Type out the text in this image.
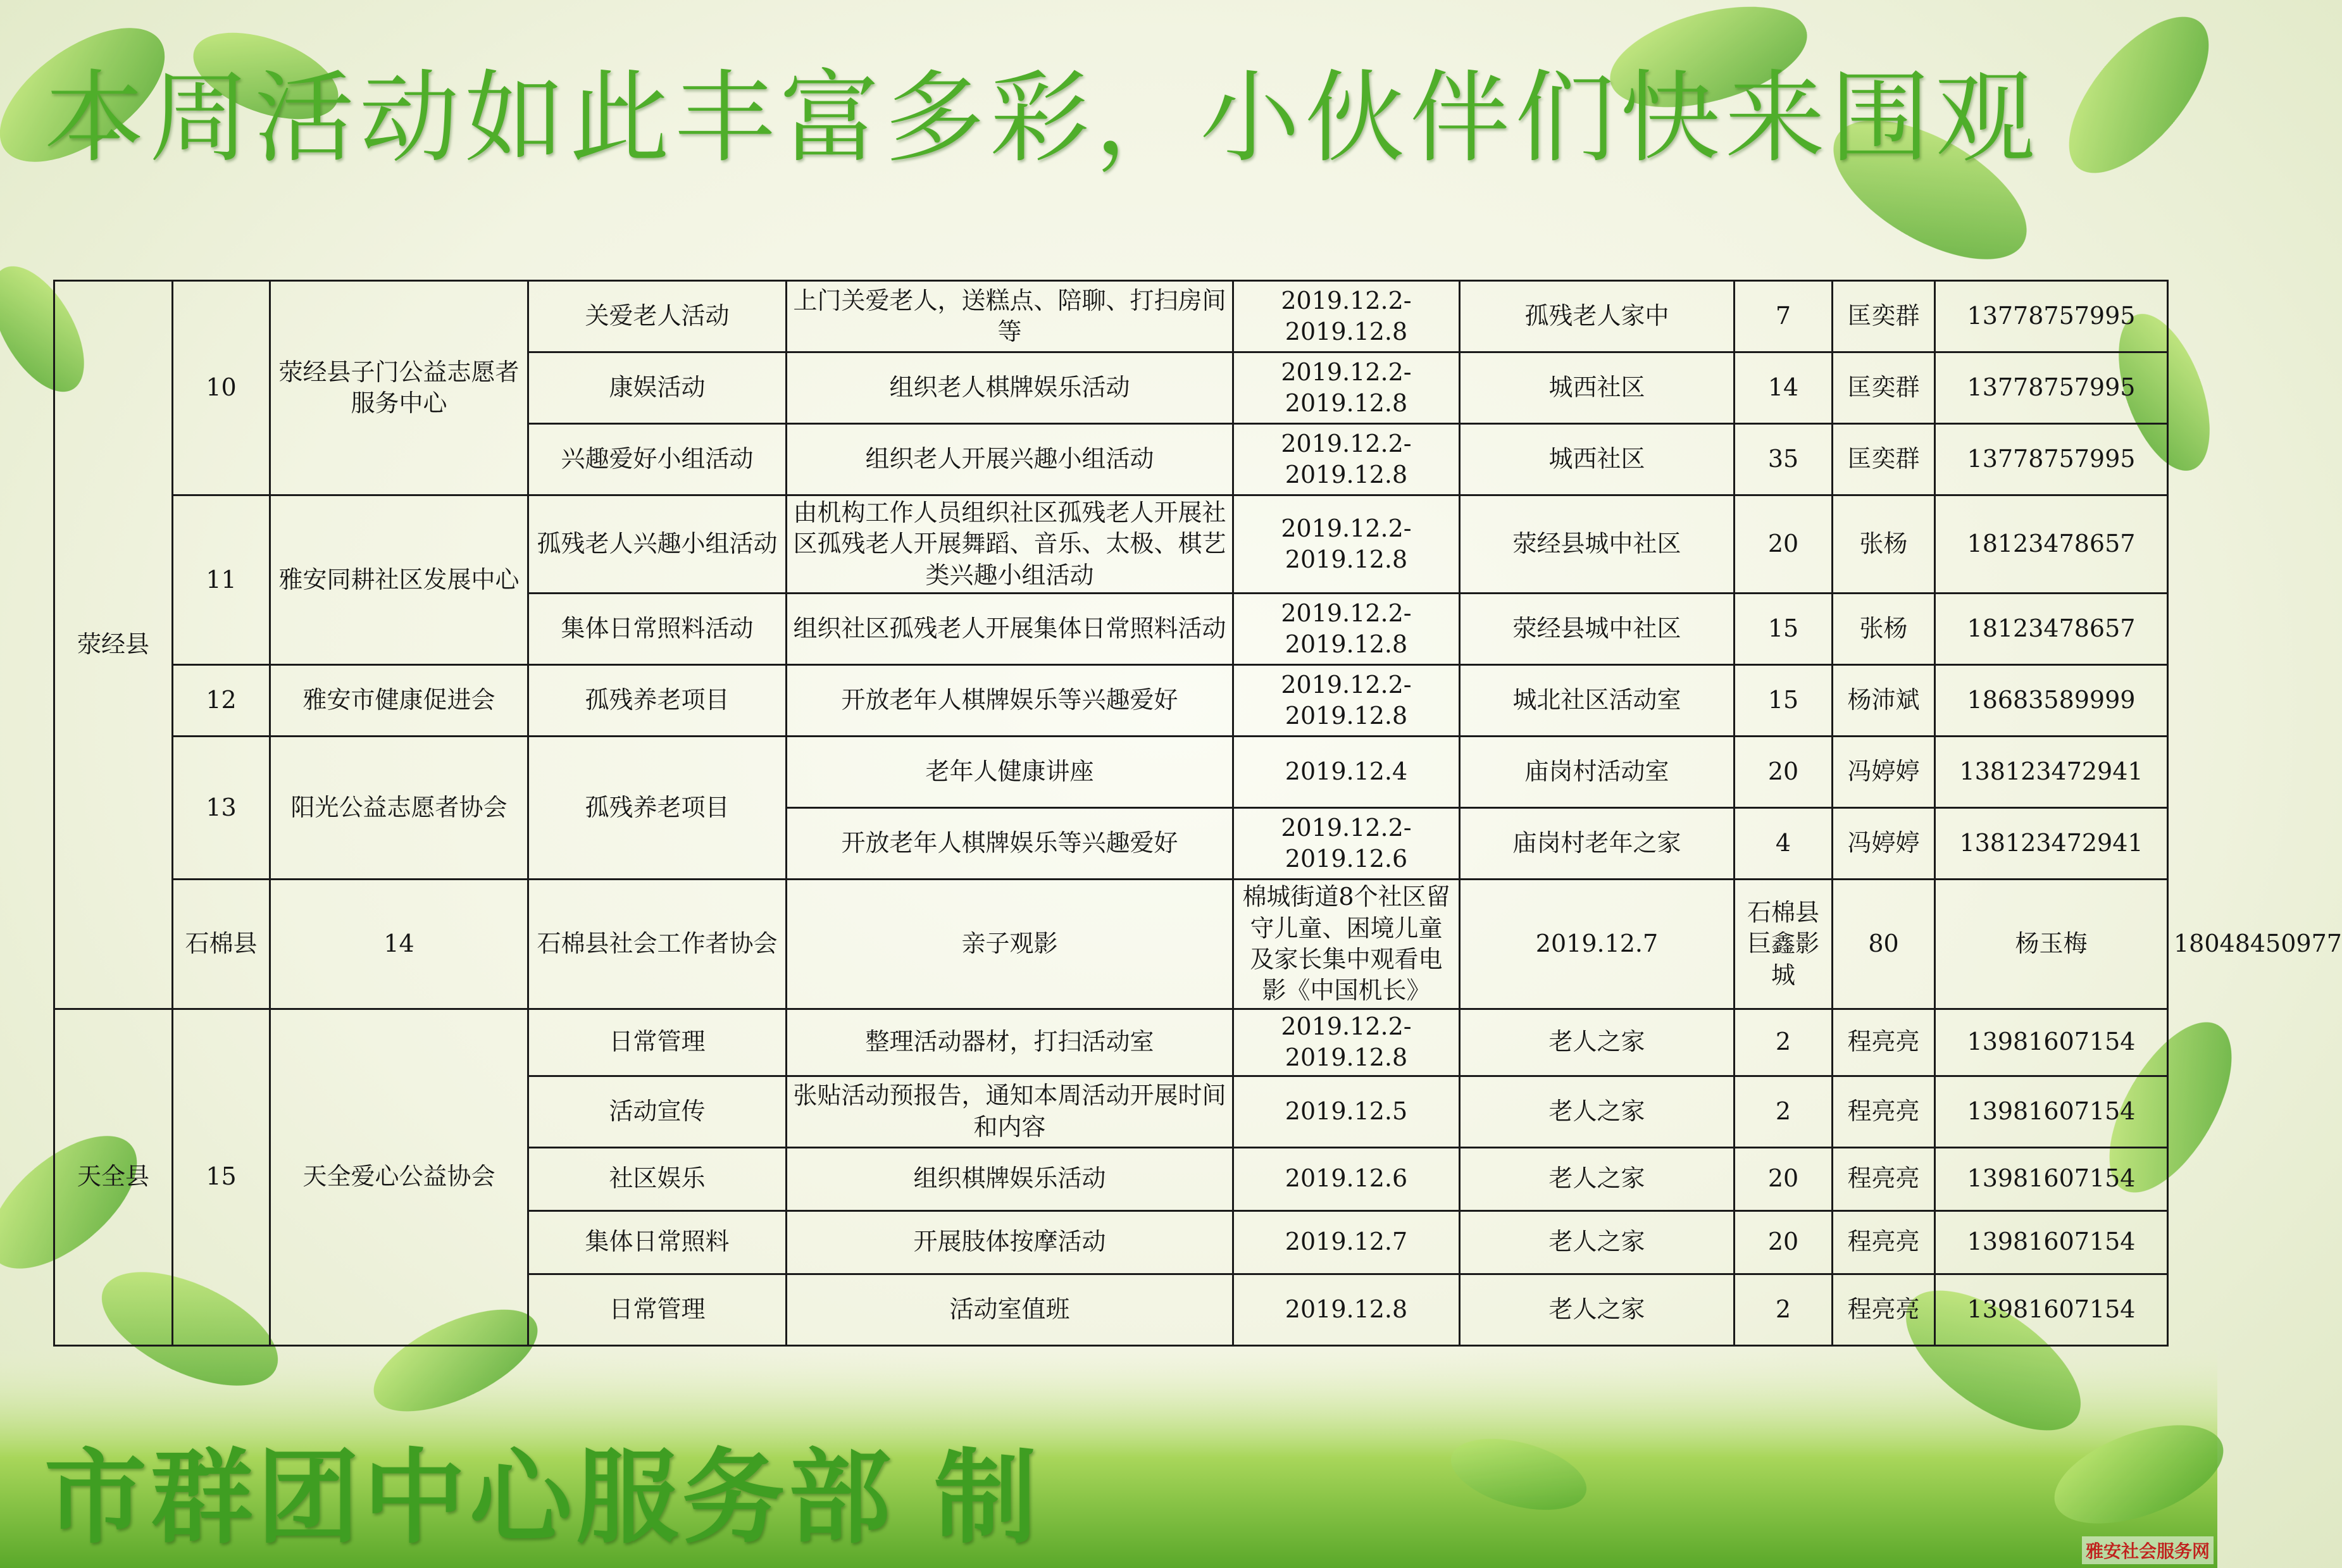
本周活动如此丰富多彩，小伙伴们快来围观
荥经县	10	荥经县子门公益志愿者服务中心	关爱老人活动	上门关爱老人，送糕点、陪聊、打扫房间等	2019.12.2-2019.12.8	孤残老人家中	7	匡奕群	13778757995	
			康娱活动	组织老人棋牌娱乐活动	2019.12.2-2019.12.8	城西社区	14	匡奕群	13778757995	
			兴趣爱好小组活动	组织老人开展兴趣小组活动	2019.12.2-2019.12.8	城西社区	35	匡奕群	13778757995	
	11	雅安同耕社区发展中心	孤残老人兴趣小组活动	由机构工作人员组织社区孤残老人开展社区孤残老人开展舞蹈、音乐、太极、棋艺类兴趣小组活动	2019.12.2-2019.12.8	荥经县城中社区	20	张杨	18123478657	
			集体日常照料活动	组织社区孤残老人开展集体日常照料活动	2019.12.2-2019.12.8	荥经县城中社区	15	张杨	18123478657	
	12	雅安市健康促进会	孤残养老项目	开放老年人棋牌娱乐等兴趣爱好	2019.12.2-2019.12.8	城北社区活动室	15	杨沛斌	18683589999	
	13	阳光公益志愿者协会	孤残养老项目	老年人健康讲座	2019.12.4	庙岗村活动室	20	冯婷婷	138123472941	
				开放老年人棋牌娱乐等兴趣爱好	2019.12.2-2019.12.6	庙岗村老年之家	4	冯婷婷	138123472941	
	石棉县	14	石棉县社会工作者协会	亲子观影	棉城街道8个社区留守儿童、困境儿童及家长集中观看电影《中国机长》	2019.12.7	石棉县巨鑫影城	80	杨玉梅	18048450977
天全县	15	天全爱心公益协会	日常管理	整理活动器材，打扫活动室	2019.12.2-2019.12.8	老人之家	2	程亮亮	13981607154	
			活动宣传	张贴活动预报告，通知本周活动开展时间和内容	2019.12.5	老人之家	2	程亮亮	13981607154	
			社区娱乐	组织棋牌娱乐活动	2019.12.6	老人之家	20	程亮亮	13981607154	
			集体日常照料	开展肢体按摩活动	2019.12.7	老人之家	20	程亮亮	13981607154	
			日常管理	活动室值班	2019.12.8	老人之家	2	程亮亮	13981607154	
市群团中心服务部 制	雅安社会服务网
